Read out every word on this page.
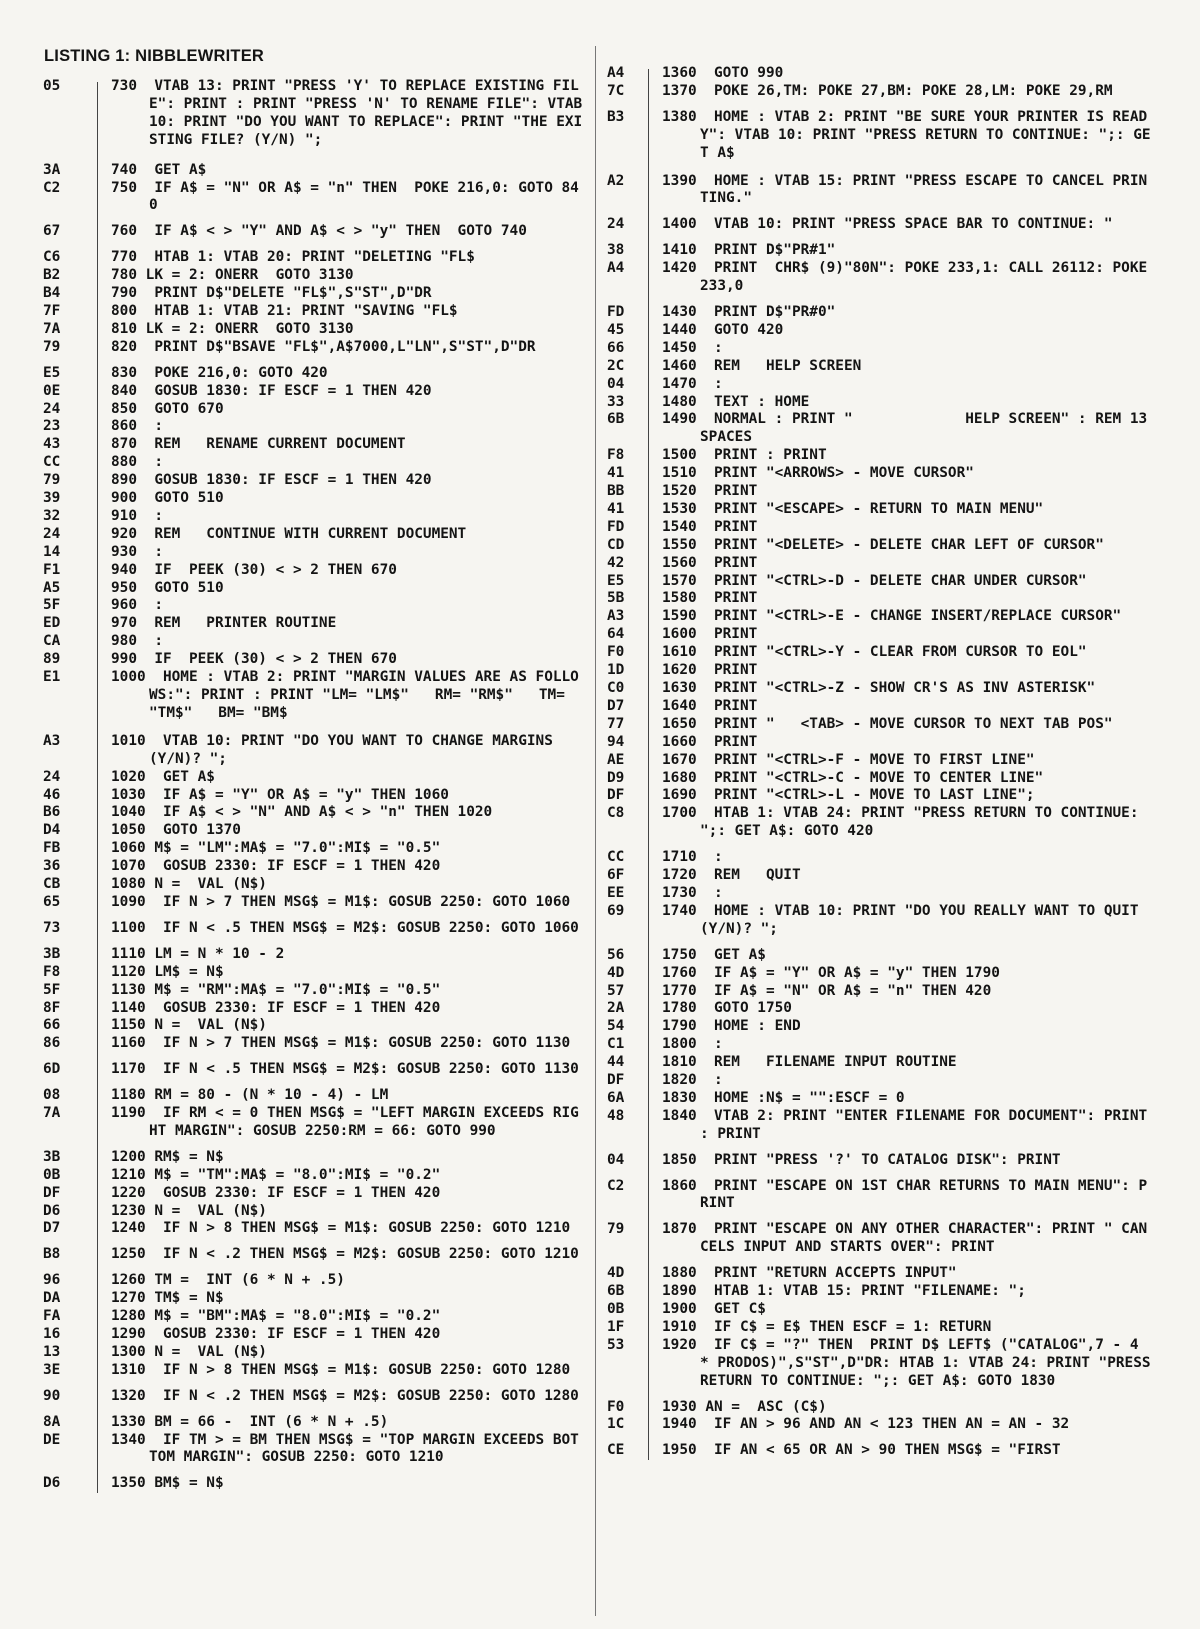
LISTING 1: NIBBLEWRITER
05	730  VTAB 13: PRINT "PRESS 'Y' TO REPLACE EXISTING FILE": PRINT : PRINT "PRESS 'N' TO RENAME FILE": VTAB 10: PRINT "DO YOU WANT TO REPLACE": PRINT "THE EXISTING FILE? (Y/N) ";
3A	740  GET A$
C2	750  IF A$ = "N" OR A$ = "n" THEN  POKE 216,0: GOTO 840
67	760  IF A$ < > "Y" AND A$ < > "y" THEN  GOTO 740
C6	770  HTAB 1: VTAB 20: PRINT "DELETING "FL$
B2	780 LK = 2: ONERR  GOTO 3130
B4	790  PRINT D$"DELETE "FL$",S"ST",D"DR
7F	800  HTAB 1: VTAB 21: PRINT "SAVING "FL$
7A	810 LK = 2: ONERR  GOTO 3130
79	820  PRINT D$"BSAVE "FL$",A$7000,L"LN",S"ST",D"DR
E5	830  POKE 216,0: GOTO 420
0E	840  GOSUB 1830: IF ESCF = 1 THEN 420
24	850  GOTO 670
23	860  :
43	870  REM   RENAME CURRENT DOCUMENT
CC	880  :
79	890  GOSUB 1830: IF ESCF = 1 THEN 420
39	900  GOTO 510
32	910  :
24	920  REM   CONTINUE WITH CURRENT DOCUMENT
14	930  :
F1	940  IF  PEEK (30) < > 2 THEN 670
A5	950  GOTO 510
5F	960  :
ED	970  REM   PRINTER ROUTINE
CA	980  :
89	990  IF  PEEK (30) < > 2 THEN 670
E1	1000  HOME : VTAB 2: PRINT "MARGIN VALUES ARE AS FOLLOWS:": PRINT : PRINT "LM= "LM$"   RM= "RM$"   TM= "TM$"   BM= "BM$
A3	1010  VTAB 10: PRINT "DO YOU WANT TO CHANGE MARGINS (Y/N)? ";
24	1020  GET A$
46	1030  IF A$ = "Y" OR A$ = "y" THEN 1060
B6	1040  IF A$ < > "N" AND A$ < > "n" THEN 1020
D4	1050  GOTO 1370
FB	1060 M$ = "LM":MA$ = "7.0":MI$ = "0.5"
36	1070  GOSUB 2330: IF ESCF = 1 THEN 420
CB	1080 N =  VAL (N$)
65	1090  IF N > 7 THEN MSG$ = M1$: GOSUB 2250: GOTO 1060
73	1100  IF N < .5 THEN MSG$ = M2$: GOSUB 2250: GOTO 1060
3B	1110 LM = N * 10 - 2
F8	1120 LM$ = N$
5F	1130 M$ = "RM":MA$ = "7.0":MI$ = "0.5"
8F	1140  GOSUB 2330: IF ESCF = 1 THEN 420
66	1150 N =  VAL (N$)
86	1160  IF N > 7 THEN MSG$ = M1$: GOSUB 2250: GOTO 1130
6D	1170  IF N < .5 THEN MSG$ = M2$: GOSUB 2250: GOTO 1130
08	1180 RM = 80 - (N * 10 - 4) - LM
7A	1190  IF RM < = 0 THEN MSG$ = "LEFT MARGIN EXCEEDS RIGHT MARGIN": GOSUB 2250:RM = 66: GOTO 990
3B	1200 RM$ = N$
0B	1210 M$ = "TM":MA$ = "8.0":MI$ = "0.2"
DF	1220  GOSUB 2330: IF ESCF = 1 THEN 420
D6	1230 N =  VAL (N$)
D7	1240  IF N > 8 THEN MSG$ = M1$: GOSUB 2250: GOTO 1210
B8	1250  IF N < .2 THEN MSG$ = M2$: GOSUB 2250: GOTO 1210
96	1260 TM =  INT (6 * N + .5)
DA	1270 TM$ = N$
FA	1280 M$ = "BM":MA$ = "8.0":MI$ = "0.2"
16	1290  GOSUB 2330: IF ESCF = 1 THEN 420
13	1300 N =  VAL (N$)
3E	1310  IF N > 8 THEN MSG$ = M1$: GOSUB 2250: GOTO 1280
90	1320  IF N < .2 THEN MSG$ = M2$: GOSUB 2250: GOTO 1280
8A	1330 BM = 66 -  INT (6 * N + .5)
DE	1340  IF TM > = BM THEN MSG$ = "TOP MARGIN EXCEEDS BOTTOM MARGIN": GOSUB 2250: GOTO 1210
D6	1350 BM$ = N$
A4	1360  GOTO 990
7C	1370  POKE 26,TM: POKE 27,BM: POKE 28,LM: POKE 29,RM
B3	1380  HOME : VTAB 2: PRINT "BE SURE YOUR PRINTER IS READY": VTAB 10: PRINT "PRESS RETURN TO CONTINUE: ";: GET A$
A2	1390  HOME : VTAB 15: PRINT "PRESS ESCAPE TO CANCEL PRINTING."
24	1400  VTAB 10: PRINT "PRESS SPACE BAR TO CONTINUE: "
38	1410  PRINT D$"PR#1"
A4	1420  PRINT  CHR$ (9)"80N": POKE 233,1: CALL 26112: POKE 233,0
FD	1430  PRINT D$"PR#0"
45	1440  GOTO 420
66	1450  :
2C	1460  REM   HELP SCREEN
04	1470  :
33	1480  TEXT : HOME
6B	1490  NORMAL : PRINT "             HELP SCREEN" : REM 13 SPACES
F8	1500  PRINT : PRINT
41	1510  PRINT "<ARROWS> - MOVE CURSOR"
BB	1520  PRINT
41	1530  PRINT "<ESCAPE> - RETURN TO MAIN MENU"
FD	1540  PRINT
CD	1550  PRINT "<DELETE> - DELETE CHAR LEFT OF CURSOR"
42	1560  PRINT
E5	1570  PRINT "<CTRL>-D - DELETE CHAR UNDER CURSOR"
5B	1580  PRINT
A3	1590  PRINT "<CTRL>-E - CHANGE INSERT/REPLACE CURSOR"
64	1600  PRINT
F0	1610  PRINT "<CTRL>-Y - CLEAR FROM CURSOR TO EOL"
1D	1620  PRINT
C0	1630  PRINT "<CTRL>-Z - SHOW CR'S AS INV ASTERISK"
D7	1640  PRINT
77	1650  PRINT "   <TAB> - MOVE CURSOR TO NEXT TAB POS"
94	1660  PRINT
AE	1670  PRINT "<CTRL>-F - MOVE TO FIRST LINE"
D9	1680  PRINT "<CTRL>-C - MOVE TO CENTER LINE"
DF	1690  PRINT "<CTRL>-L - MOVE TO LAST LINE";
C8	1700  HTAB 1: VTAB 24: PRINT "PRESS RETURN TO CONTINUE: ";: GET A$: GOTO 420
CC	1710  :
6F	1720  REM   QUIT
EE	1730  :
69	1740  HOME : VTAB 10: PRINT "DO YOU REALLY WANT TO QUIT (Y/N)? ";
56	1750  GET A$
4D	1760  IF A$ = "Y" OR A$ = "y" THEN 1790
57	1770  IF A$ = "N" OR A$ = "n" THEN 420
2A	1780  GOTO 1750
54	1790  HOME : END
C1	1800  :
44	1810  REM   FILENAME INPUT ROUTINE
DF	1820  :
6A	1830  HOME :N$ = "":ESCF = 0
48	1840  VTAB 2: PRINT "ENTER FILENAME FOR DOCUMENT": PRINT : PRINT
04	1850  PRINT "PRESS '?' TO CATALOG DISK": PRINT
C2	1860  PRINT "ESCAPE ON 1ST CHAR RETURNS TO MAIN MENU": PRINT
79	1870  PRINT "ESCAPE ON ANY OTHER CHARACTER": PRINT " CANCELS INPUT AND STARTS OVER": PRINT
4D	1880  PRINT "RETURN ACCEPTS INPUT"
6B	1890  HTAB 1: VTAB 15: PRINT "FILENAME: ";
0B	1900  GET C$
1F	1910  IF C$ = E$ THEN ESCF = 1: RETURN
53	1920  IF C$ = "?" THEN  PRINT D$ LEFT$ ("CATALOG",7 - 4 * PRODOS)",S"ST",D"DR: HTAB 1: VTAB 24: PRINT "PRESS RETURN TO CONTINUE: ";: GET A$: GOTO 1830
F0	1930 AN =  ASC (C$)
1C	1940  IF AN > 96 AND AN < 123 THEN AN = AN - 32
CE	1950  IF AN < 65 OR AN > 90 THEN MSG$ = "FIRST
